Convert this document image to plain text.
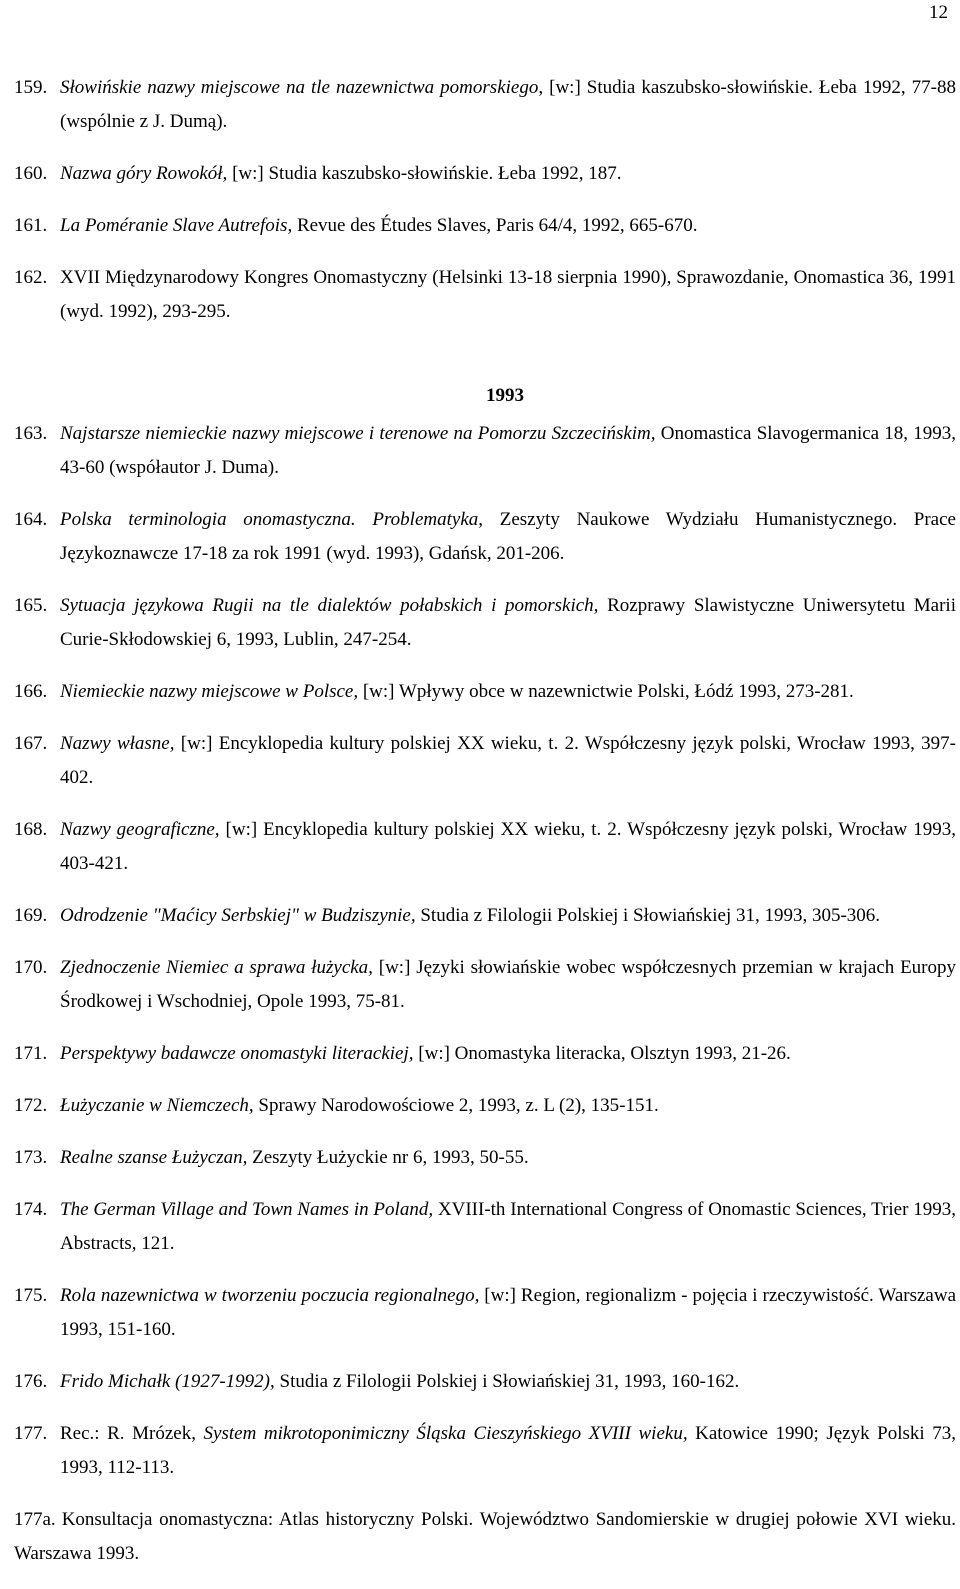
12
159. Słowińskie nazwy miejscowe na tle nazewnictwa pomorskiego, [w:] Studia kaszubsko-słowińskie. Łeba 1992, 77-88 (wspólnie z J. Dumą).
160. Nazwa góry Rowokół, [w:] Studia kaszubsko-słowińskie. Łeba 1992, 187.
161. La Poméranie Slave Autrefois, Revue des Études Slaves, Paris 64/4, 1992, 665-670.
162. XVII Międzynarodowy Kongres Onomastyczny (Helsinki 13-18 sierpnia 1990), Sprawozdanie, Onomastica 36, 1991 (wyd. 1992), 293-295.
1993
163. Najstarsze niemieckie nazwy miejscowe i terenowe na Pomorzu Szczecińskim, Onomastica Slavogermanica 18, 1993, 43-60 (współautor J. Duma).
164. Polska terminologia onomastyczna. Problematyka, Zeszyty Naukowe Wydziału Humanistycznego. Prace Językoznawcze 17-18 za rok 1991 (wyd. 1993), Gdańsk, 201-206.
165. Sytuacja językowa Rugii na tle dialektów połabskich i pomorskich, Rozprawy Slawistyczne Uniwersytetu Marii Curie-Skłodowskiej 6, 1993, Lublin, 247-254.
166. Niemieckie nazwy miejscowe w Polsce, [w:] Wpływy obce w nazewnictwie Polski, Łódź 1993, 273-281.
167. Nazwy własne, [w:] Encyklopedia kultury polskiej XX wieku, t. 2. Współczesny język polski, Wrocław 1993, 397-402.
168. Nazwy geograficzne, [w:] Encyklopedia kultury polskiej XX wieku, t. 2. Współczesny język polski, Wrocław 1993, 403-421.
169. Odrodzenie "Maćicy Serbskiej" w Budziszynie, Studia z Filologii Polskiej i Słowiańskiej 31, 1993, 305-306.
170. Zjednoczenie Niemiec a sprawa łużycka, [w:] Języki słowiańskie wobec współczesnych przemian w krajach Europy Środkowej i Wschodniej, Opole 1993, 75-81.
171. Perspektywy badawcze onomastyki literackiej, [w:] Onomastyka literacka, Olsztyn 1993, 21-26.
172. Łużyczanie w Niemczech, Sprawy Narodowościowe 2, 1993, z. L (2), 135-151.
173. Realne szanse Łużyczan, Zeszyty Łużyckie nr 6, 1993, 50-55.
174. The German Village and Town Names in Poland, XVIII-th International Congress of Onomastic Sciences, Trier 1993, Abstracts, 121.
175. Rola nazewnictwa w tworzeniu poczucia regionalnego, [w:] Region, regionalizm - pojęcia i rzeczywistość. Warszawa 1993, 151-160.
176. Frido Michałk (1927-1992), Studia z Filologii Polskiej i Słowiańskiej 31, 1993, 160-162.
177. Rec.: R. Mrózek, System mikrotoponimiczny Śląska Cieszyńskiego XVIII wieku, Katowice 1990; Język Polski 73, 1993, 112-113.
177a. Konsultacja onomastyczna: Atlas historyczny Polski. Województwo Sandomierskie w drugiej połowie XVI wieku. Warszawa 1993.
